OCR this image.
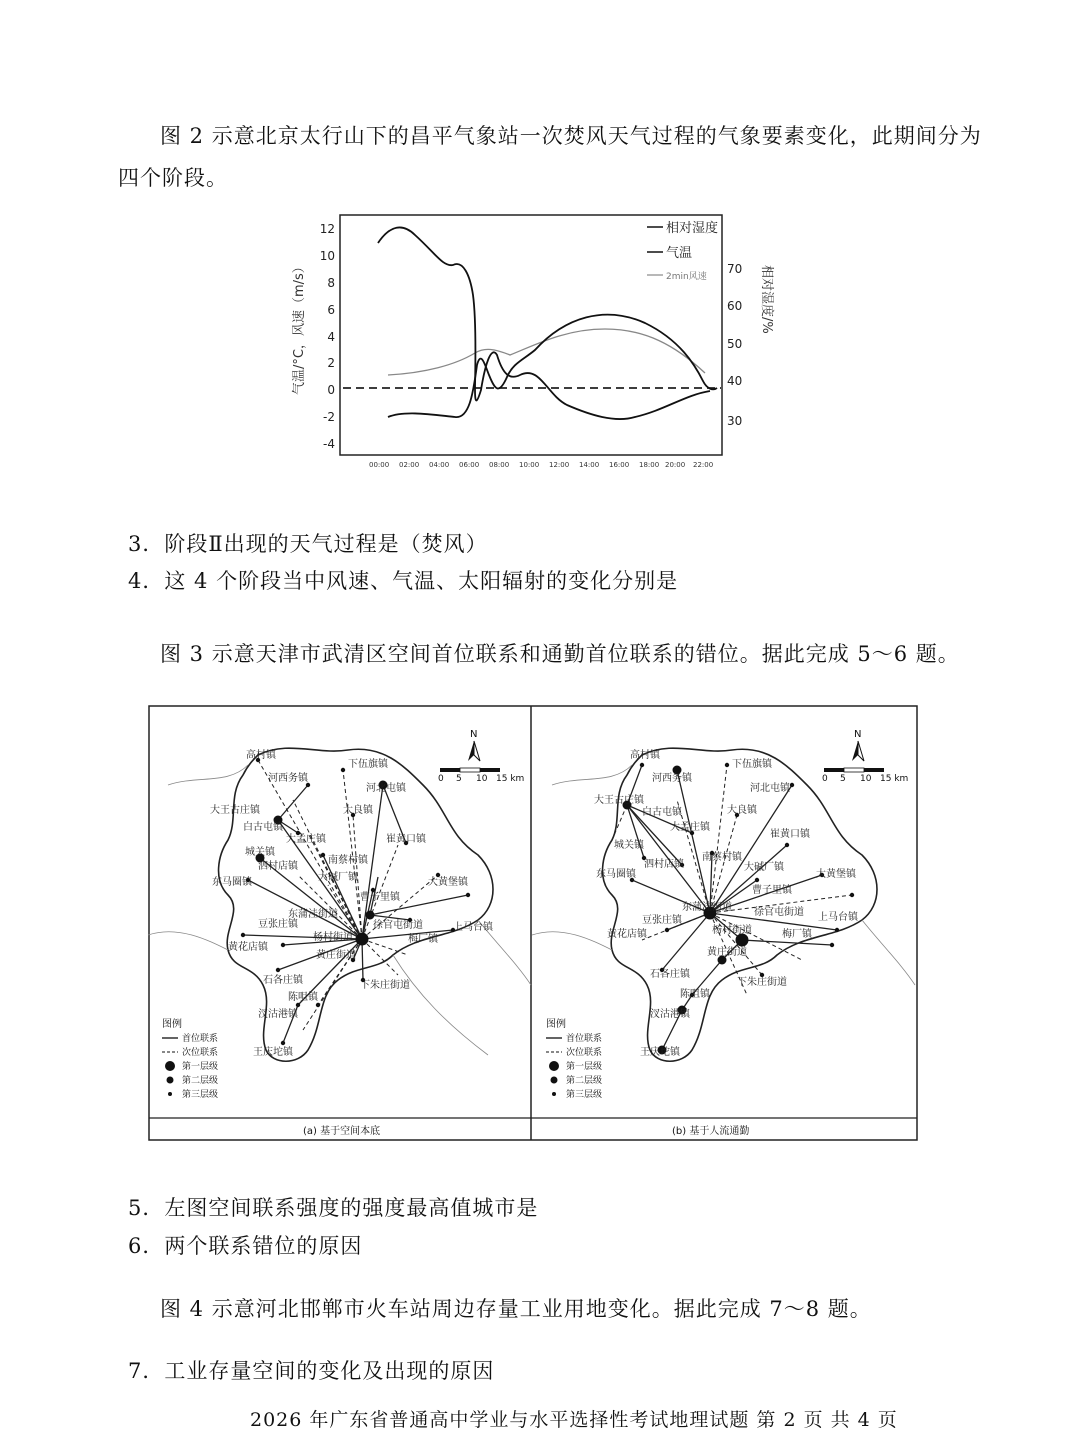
图 2 示意北京太行山下的昌平气象站一次焚风天气过程的气象要素变化，此期间分为
四个阶段。
12
10
8
6
4
2
0
-2
-4
70
60
50
40
30
气温/°C，风速（m/s）	相对湿度/%
00:00 02:00 04:00 06:00 08:00 10:00 12:00 14:00 16:00 18:00 20:00 22:00
相对湿度
气温
2min风速
3．阶段Ⅱ出现的天气过程是（焚风）
4．这 4 个阶段当中风速、气温、太阳辐射的变化分别是
图 3 示意天津市武清区空间首位联系和通勤首位联系的错位。据此完成 5～6 题。
高村镇
下伍旗镇
河西务镇
河北屯镇
大王古庄镇
白古屯镇
大良镇
大孟庄镇	崔黄口镇
城关镇
泗村店镇
南蔡村镇
东马圈镇	大碱厂镇	大黄堡镇
曹子里镇
东蒲洼街道
豆张庄镇	徐官屯街道	上马台镇
杨村街道	梅厂镇
黄花店镇
黄庄街道
石各庄镇	下朱庄街道
陈咀镇
汊沽港镇
王庆坨镇
N
0 5 10 15 km
图例
首位联系
次位联系
第一层级
第二层级
第三层级
(a) 基于空间本底
高村镇
下伍旗镇
河西务镇
河北屯镇
大王古庄镇
白古屯镇	大良镇
大孟庄镇
崔黄口镇
城关镇
泗村店镇
南蔡村镇
东马圈镇
大碱厂镇
大黄堡镇
曹子里镇
东蒲洼街道
豆张庄镇
徐官屯街道 上马台镇
杨村街道	梅厂镇
黄花店镇
黄庄街道
石各庄镇
下朱庄街道
陈咀镇
汊沽港镇
王庆坨镇
N
0 5 10 15 km
图例
首位联系
次位联系
第一层级
第二层级
第三层级
(b) 基于人流通勤
5．左图空间联系强度的强度最高值城市是
6．两个联系错位的原因
图 4 示意河北邯郸市火车站周边存量工业用地变化。据此完成 7～8 题。
7．工业存量空间的变化及出现的原因
2026 年广东省普通高中学业与水平选择性考试地理试题 第 2 页 共 4 页
